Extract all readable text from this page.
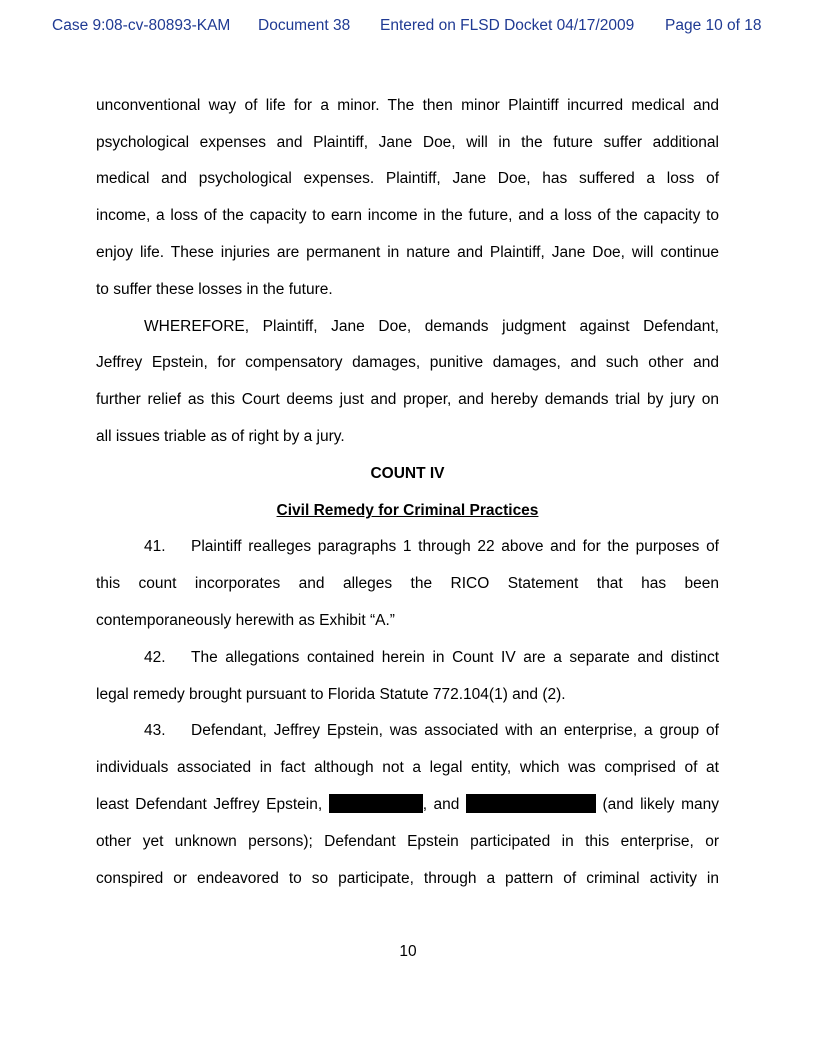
Case 9:08-cv-80893-KAM Document 38 Entered on FLSD Docket 04/17/2009 Page 10 of 18

unconventional way of life for a minor. The then minor Plaintiff incurred medical and

psychological expenses and Plaintiff, Jane Doe, will in the future suffer additional

medical and psychological expenses. Plaintiff, Jane Doe, has suffered a loss of

income, a loss of the capacity to earn income in the future, and a loss of the capacity to

enjoy life. These injuries are permanent in nature and Plaintiff, Jane Doe, will continue

to suffer these losses in the future.

WHEREFORE, Plaintiff, Jane Doe, demands judgment against Defendant,

Jeffrey Epstein, for compensatory damages, punitive damages, and such other and

further relief as this Court deems just and proper, and hereby demands trial by jury on

all issues triable as of right by a jury.

COUNT IV

Civil Remedy for Criminal Practices

41. Plaintiff realleges paragraphs 1 through 22 above and for the purposes of

this count incorporates and alleges the RICO Statement that has been

contemporaneously herewith as Exhibit “A.”

42. The allegations contained herein in Count IV are a separate and distinct

legal remedy brought pursuant to Florida Statute 772.104(1) and (2).

43. Defendant, Jeffrey Epstein, was associated with an enterprise, a group of

individuals associated in fact although not a legal entity, which was comprised of at

least Defendant Jeffrey Epstein,	, and	(and likely many

other yet unknown persons); Defendant Epstein participated in this enterprise, or

conspired or endeavored to so participate, through a pattern of criminal activity in

10
